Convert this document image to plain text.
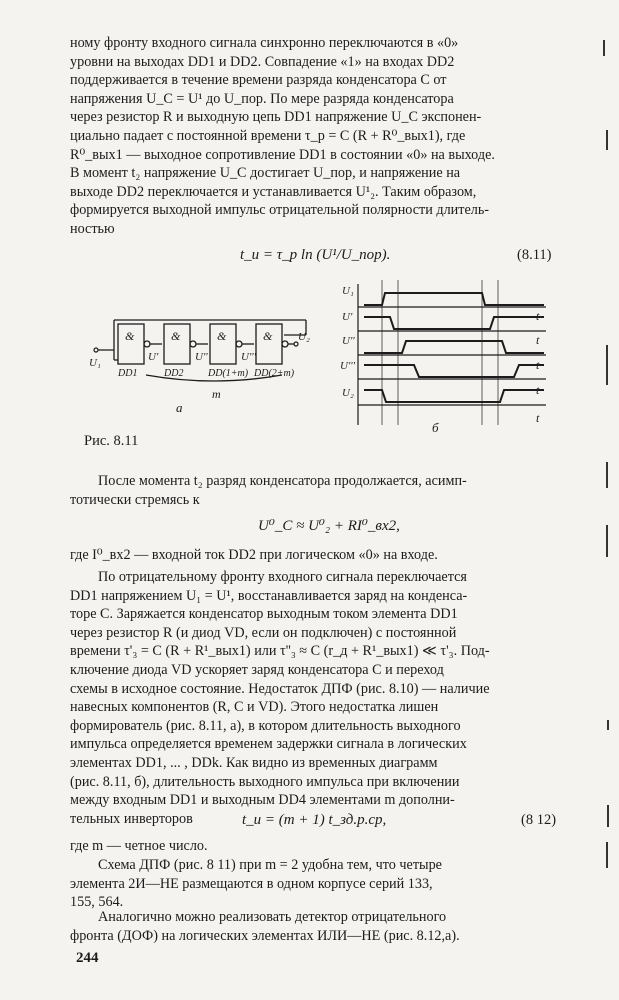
ному фронту входного сигнала синхронно переключаются в «0»
уровни на выходах DD1 и DD2. Совпадение «1» на входах DD2
поддерживается в течение времени разряда конденсатора C от
напряжения U_C = U¹ до U_пор. По мере разряда конденсатора
через резистор R и выходную цепь DD1 напряжение U_C экспонен-
циально падает с постоянной времени τ_р = C (R + R⁰_вых1), где
R⁰_вых1 — выходное сопротивление DD1 в состоянии «0» на выходе.
В момент t₂ напряжение U_C достигает U_пор, и напряжение на
выходе DD2 переключается и устанавливается U¹₂. Таким образом,
формируется выходной импульс отрицательной полярности длитель-
ностью
t_и = τ_р ln (U¹/U_пор).	(8.11)
&	&	&	&
DD1	DD2 DD(1+m) DD(2+m)
U₁	U'	U''	U'''
U₂
m
а
U₁
U'
U''
U'''
U₂
t
t
t
t
t
б
Рис. 8.11
После момента t₂ разряд конденсатора продолжается, асимп-
тотически стремясь к
U⁰_C ≈ U⁰₂ + RI⁰_вх2,
где I⁰_вх2 — входной ток DD2 при логическом «0» на входе.
По отрицательному фронту входного сигнала переключается
DD1 напряжением U₁ = U¹, восстанавливается заряд на конденса-
торе C. Заряжается конденсатор выходным током элемента DD1
через резистор R (и диод VD, если он подключен) с постоянной
времени τ'₃ = C (R + R¹_вых1) или τ''₃ ≈ C (r_д + R¹_вых1) ≪ τ'₃. Под-
ключение диода VD ускоряет заряд конденсатора C и переход
схемы в исходное состояние. Недостаток ДПФ (рис. 8.10) — наличие
навесных компонентов (R, C и VD). Этого недостатка лишен
формирователь (рис. 8.11, а), в котором длительность выходного
импульса определяется временем задержки сигнала в логических
элементах DD1, ... , DDk. Как видно из временных диаграмм
(рис. 8.11, б), длительность выходного импульса при включении
между входным DD1 и выходным DD4 элементами m дополни-
тельных инверторов	t_и = (m + 1) t_зд.р.ср,	(8 12)
где m — четное число.
Схема ДПФ (рис. 8 11) при m = 2 удобна тем, что четыре
элемента 2И—НЕ размещаются в одном корпусе серий 133,
155, 564.
Аналогично можно реализовать детектор отрицательного
фронта (ДОФ) на логических элементах ИЛИ—НЕ (рис. 8.12,а).
244
